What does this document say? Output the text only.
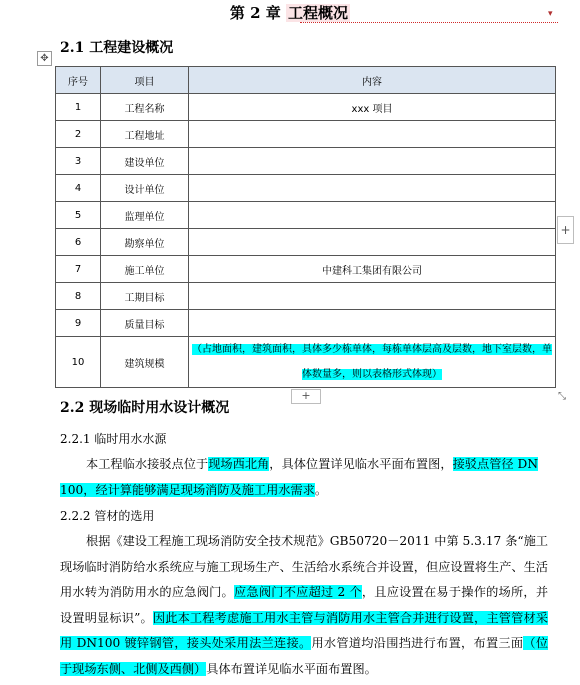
第 2 章 工程概况	▾
2.1 工程建设概况
✥
序号	项目	内容
1	工程名称	xxx 项目
2	工程地址	
3	建设单位	
4	设计单位	
5	监理单位	
6	勘察单位	
7	施工单位	中建科工集团有限公司
8	工期目标	
9	质量目标	
10	建筑规模	（占地面积，建筑面积，具体多少栋单体，每栋单体层高及层数，地下室层数，单体数量多，则以表格形式体现）
+
+	⤡
2.2 现场临时用水设计概况
2.2.1 临时用水水源
本工程临水接驳点位于现场西北角，具体位置详见临水平面布置图，接驳点管径 DN100，经计算能够满足现场消防及施工用水需求。
2.2.2 管材的选用
根据《建设工程施工现场消防安全技术规范》GB50720－2011 中第 5.3.17 条“施工现场临时消防给水系统应与施工现场生产、生活给水系统合并设置，但应设置将生产、生活用水转为消防用水的应急阀门。应急阀门不应超过 2 个，且应设置在易于操作的场所，并设置明显标识”。因此本工程考虑施工用水主管与消防用水主管合并进行设置，主管管材采用 DN100 镀锌钢管，接头处采用法兰连接。用水管道均沿围挡进行布置，布置三面（位于现场东侧、北侧及西侧）具体布置详见临水平面布置图。
